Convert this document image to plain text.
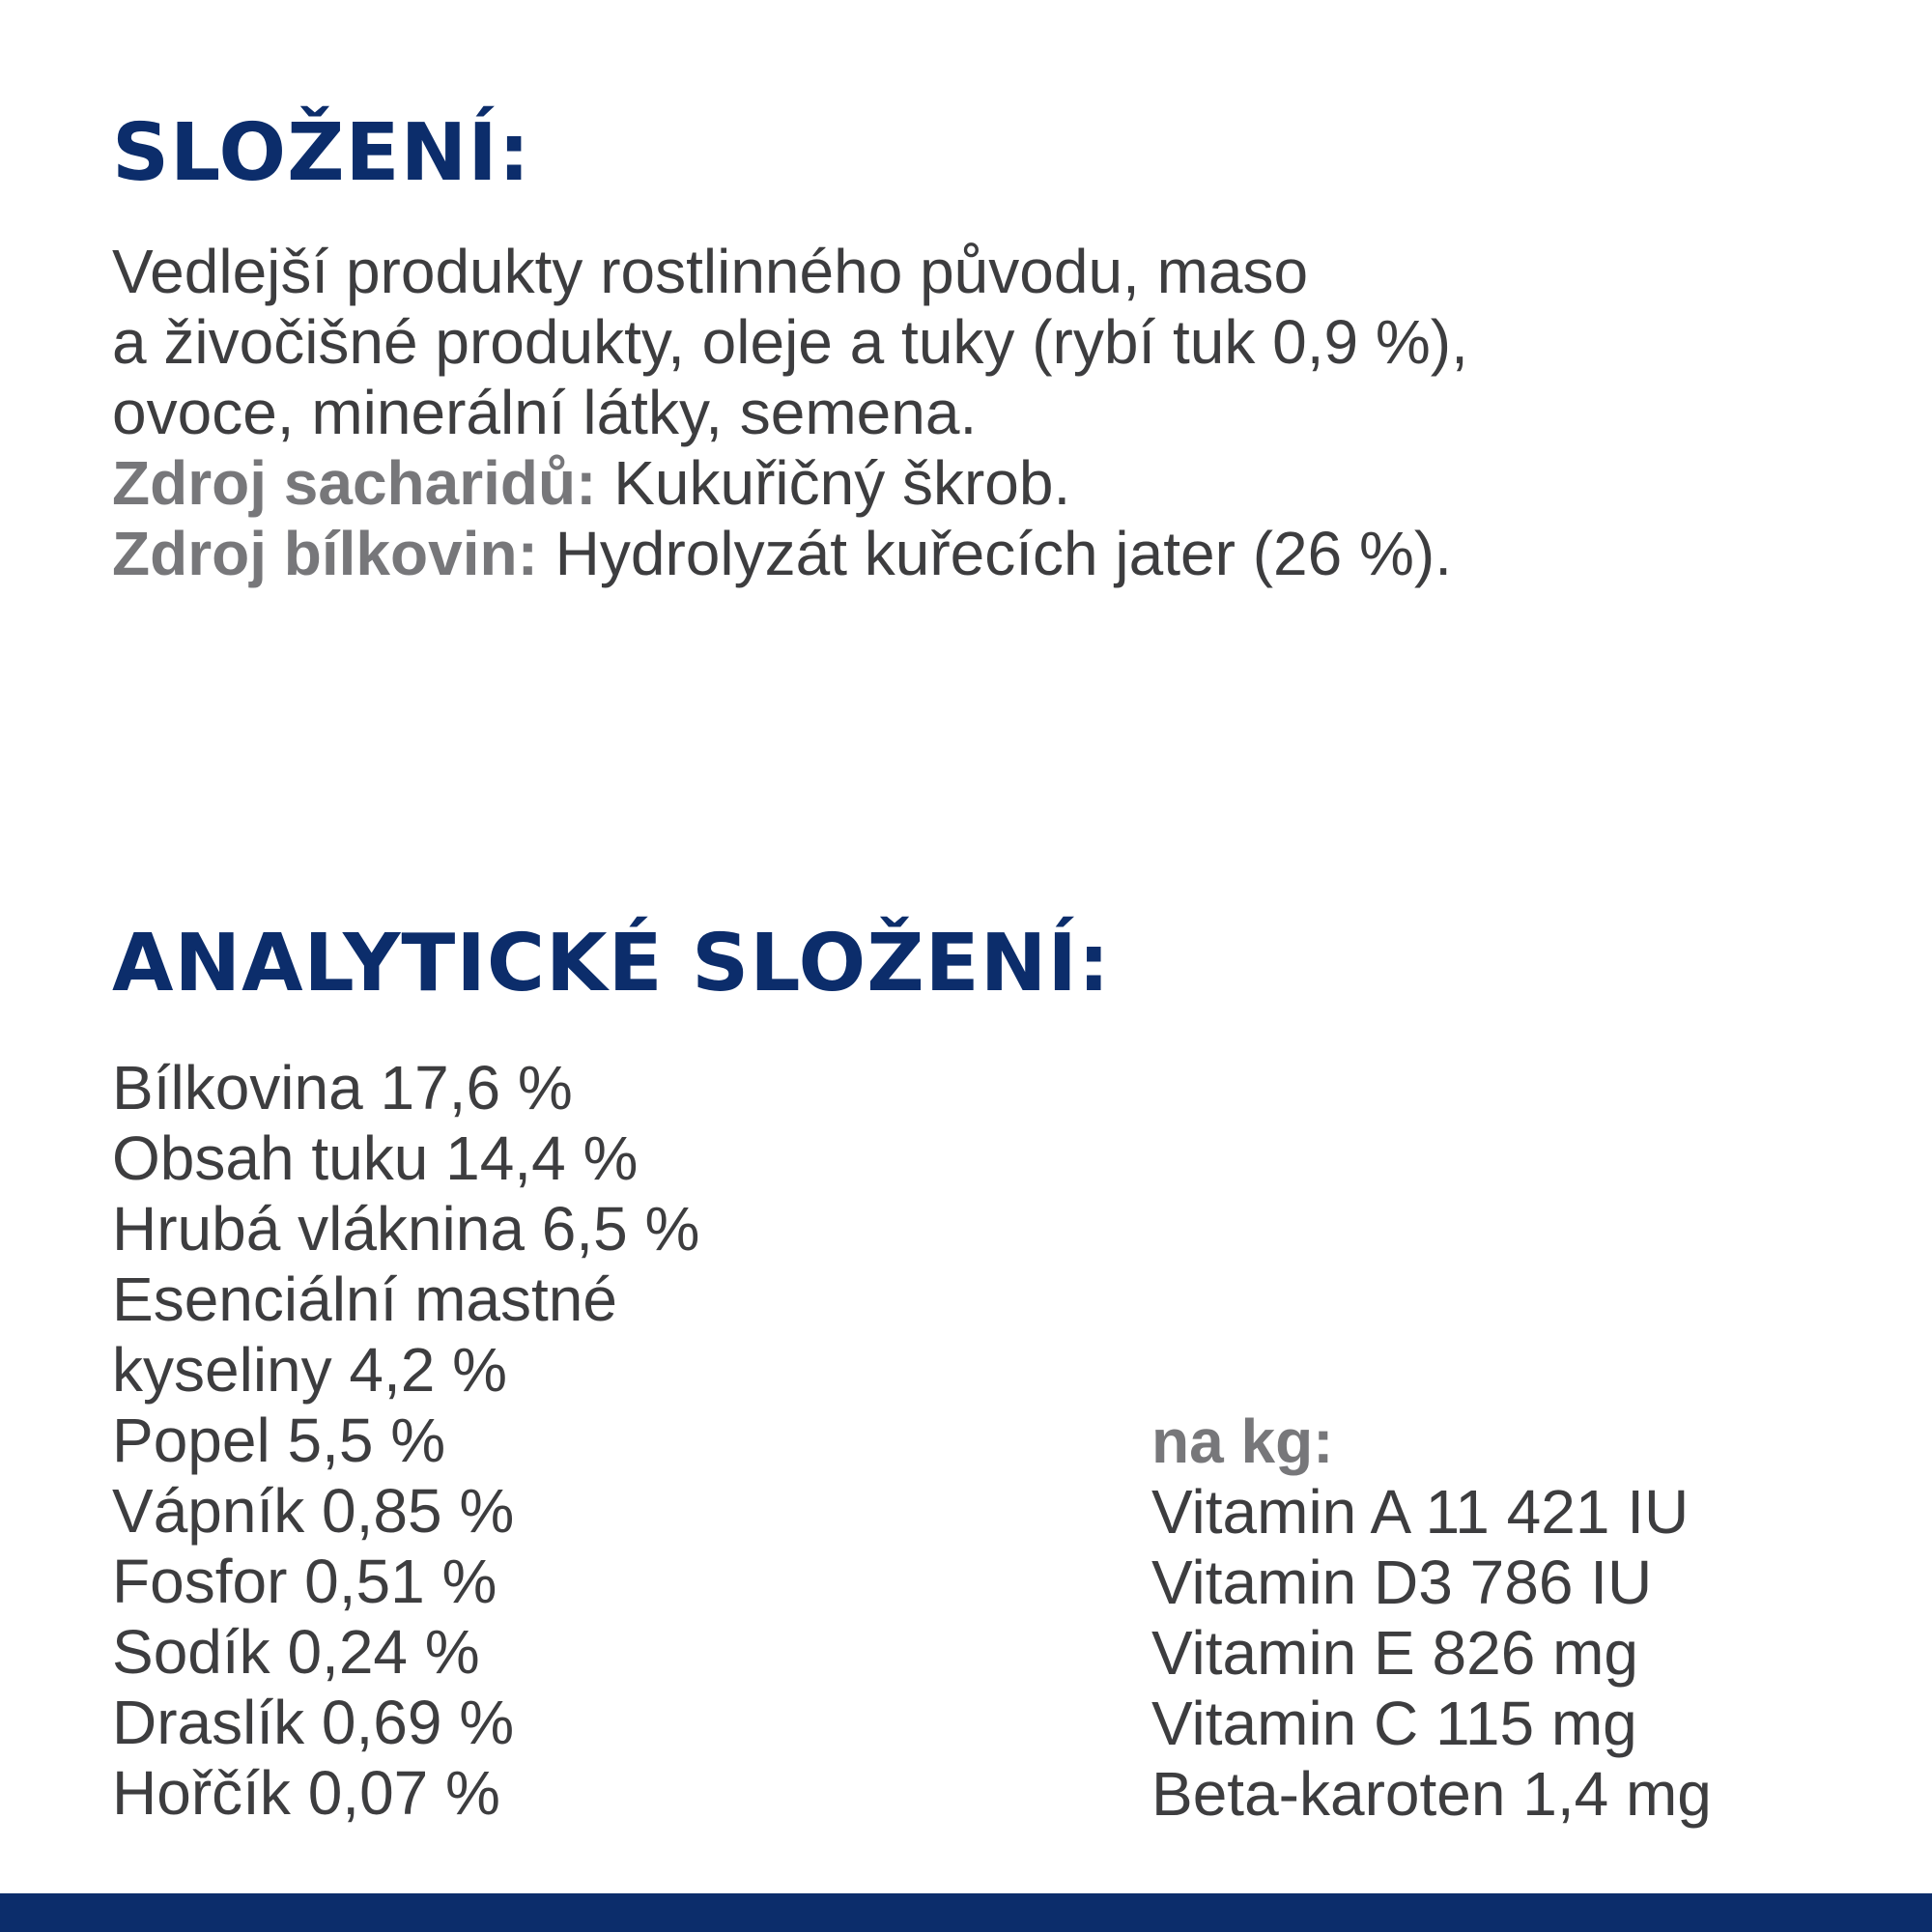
SLOŽENÍ:
Vedlejší produkty rostlinného původu, maso
a živočišné produkty, oleje a tuky (rybí tuk 0,9 %),
ovoce, minerální látky, semena.
Zdroj sacharidů: Kukuřičný škrob.
Zdroj bílkovin: Hydrolyzát kuřecích jater (26 %).
ANALYTICKÉ SLOŽENÍ:
Bílkovina 17,6 %
Obsah tuku 14,4 %
Hrubá vláknina 6,5 %
Esenciální mastné
kyseliny 4,2 %
Popel 5,5 %
Vápník 0,85 %
Fosfor 0,51 %
Sodík 0,24 %
Draslík 0,69 %
Hořčík 0,07 %
na kg:
Vitamin A 11 421 IU
Vitamin D3 786 IU
Vitamin E 826 mg
Vitamin C 115 mg
Beta-karoten 1,4 mg
